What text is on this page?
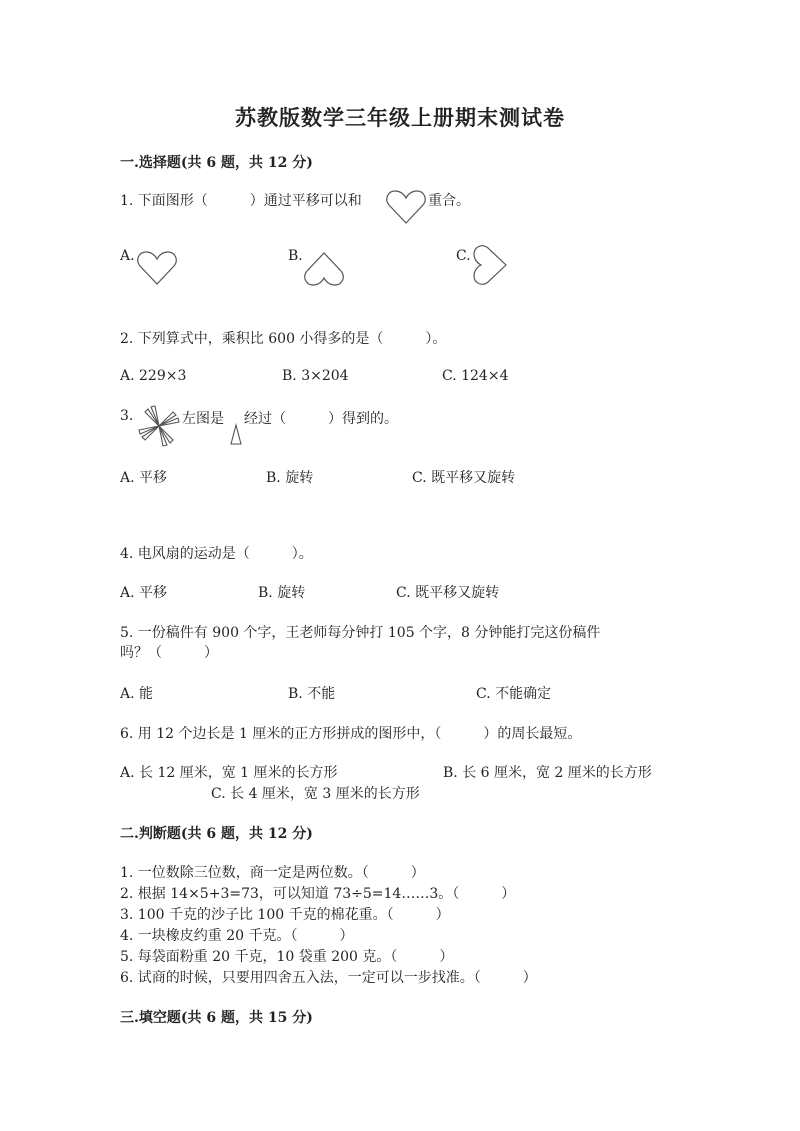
苏教版数学三年级上册期末测试卷
一.选择题(共 6 题，共 12 分)
1. 下面图形（　　　）通过平移可以和	重合。
A.	B.	C.
2. 下列算式中，乘积比 600 小得多的是（　　　）。
A. 229×3	B. 3×204	C. 124×4
3.	左图是 经过（　　　）得到的。
A. 平移	B. 旋转	C. 既平移又旋转
4. 电风扇的运动是（　　　）。
A. 平移	B. 旋转	C. 既平移又旋转
5. 一份稿件有 900 个字，王老师每分钟打 105 个字，8 分钟能打完这份稿件
吗？（　　　）
A. 能	B. 不能	C. 不能确定
6. 用 12 个边长是 1 厘米的正方形拼成的图形中，（　　　）的周长最短。
A. 长 12 厘米，宽 1 厘米的长方形	B. 长 6 厘米，宽 2 厘米的长方形
C. 长 4 厘米，宽 3 厘米的长方形
二.判断题(共 6 题，共 12 分)
1. 一位数除三位数，商一定是两位数。（　　　）
2. 根据 14×5+3=73，可以知道 73÷5=14……3。（　　　）
3. 100 千克的沙子比 100 千克的棉花重。（　　　）
4. 一块橡皮约重 20 千克。（　　　）
5. 每袋面粉重 20 千克，10 袋重 200 克。（　　　）
6. 试商的时候，只要用四舍五入法，一定可以一步找准。（　　　）
三.填空题(共 6 题，共 15 分)
